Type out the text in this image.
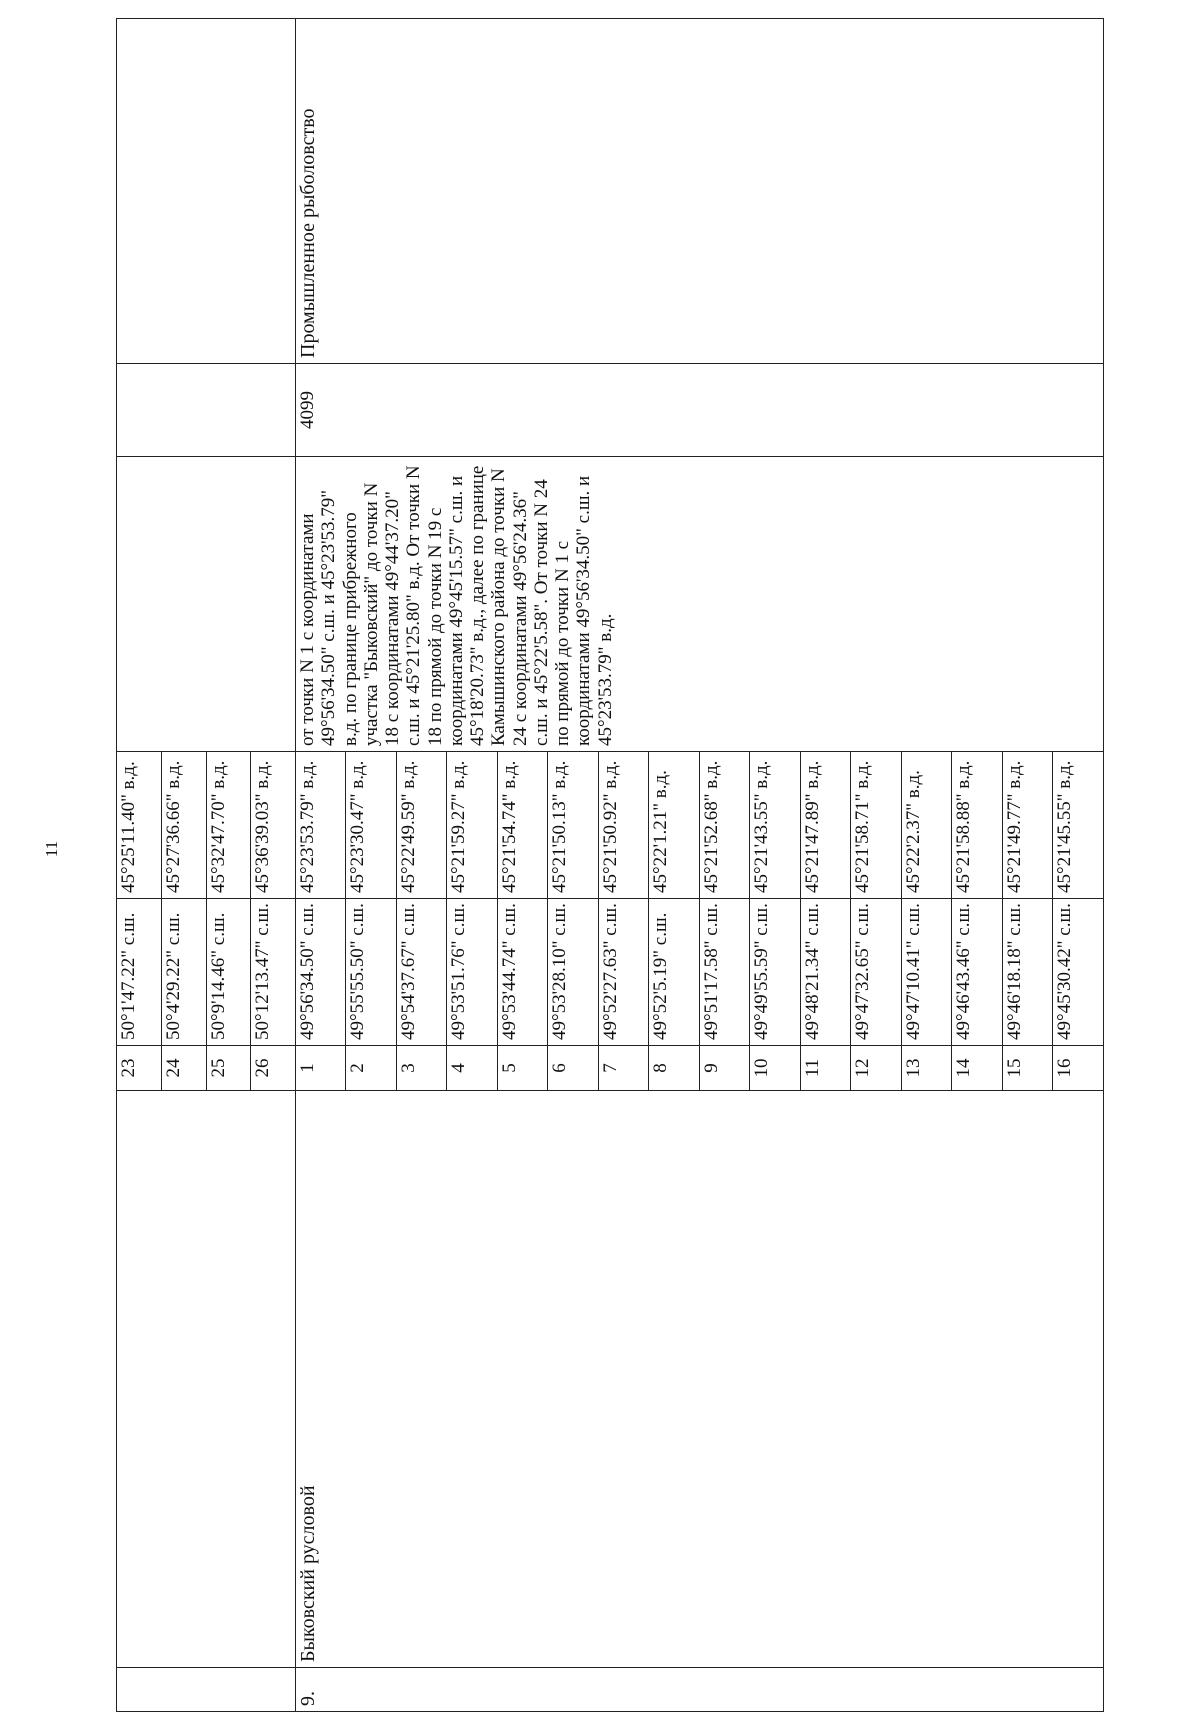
11
		23	50°1'47.22" с.ш.	45°25'11.40" в.д.			
		24	50°4'29.22" с.ш.	45°27'36.66" в.д.			
		25	50°9'14.46" с.ш.	45°32'47.70" в.д.			
		26	50°12'13.47" с.ш.	45°36'39.03" в.д.			
9.	Быковский русловой	1	49°56'34.50" с.ш.	45°23'53.79" в.д.	от точки N 1 с координатами 49°56'34.50" с.ш. и 45°23'53.79" в.д. по границе прибрежного участка "Быковский" до точки N 18 с координатами 49°44'37.20" с.ш. и 45°21'25.80" в.д. От точки N 18 по прямой до точки N 19 с координатами 49°45'15.57" с.ш. и 45°18'20.73" в.д., далее по границе Камышинского района до точки N 24 с координатами 49°56'24.36" с.ш. и 45°22'5.58". От точки N 24 по прямой до точки N 1 с координатами 49°56'34.50" с.ш. и 45°23'53.79" в.д.	4099	Промышленное рыболовство
		2	49°55'55.50" с.ш.	45°23'30.47" в.д.			
		3	49°54'37.67" с.ш.	45°22'49.59" в.д.			
		4	49°53'51.76" с.ш.	45°21'59.27" в.д.			
		5	49°53'44.74" с.ш.	45°21'54.74" в.д.			
		6	49°53'28.10" с.ш.	45°21'50.13" в.д.			
		7	49°52'27.63" с.ш.	45°21'50.92" в.д.			
		8	49°52'5.19" с.ш.	45°22'1.21" в.д.			
		9	49°51'17.58" с.ш.	45°21'52.68" в.д.			
		10	49°49'55.59" с.ш.	45°21'43.55" в.д.			
		11	49°48'21.34" с.ш.	45°21'47.89" в.д.			
		12	49°47'32.65" с.ш.	45°21'58.71" в.д.			
		13	49°47'10.41" с.ш.	45°22'2.37" в.д.			
		14	49°46'43.46" с.ш.	45°21'58.88" в.д.			
		15	49°46'18.18" с.ш.	45°21'49.77" в.д.			
		16	49°45'30.42" с.ш.	45°21'45.55" в.д.			
